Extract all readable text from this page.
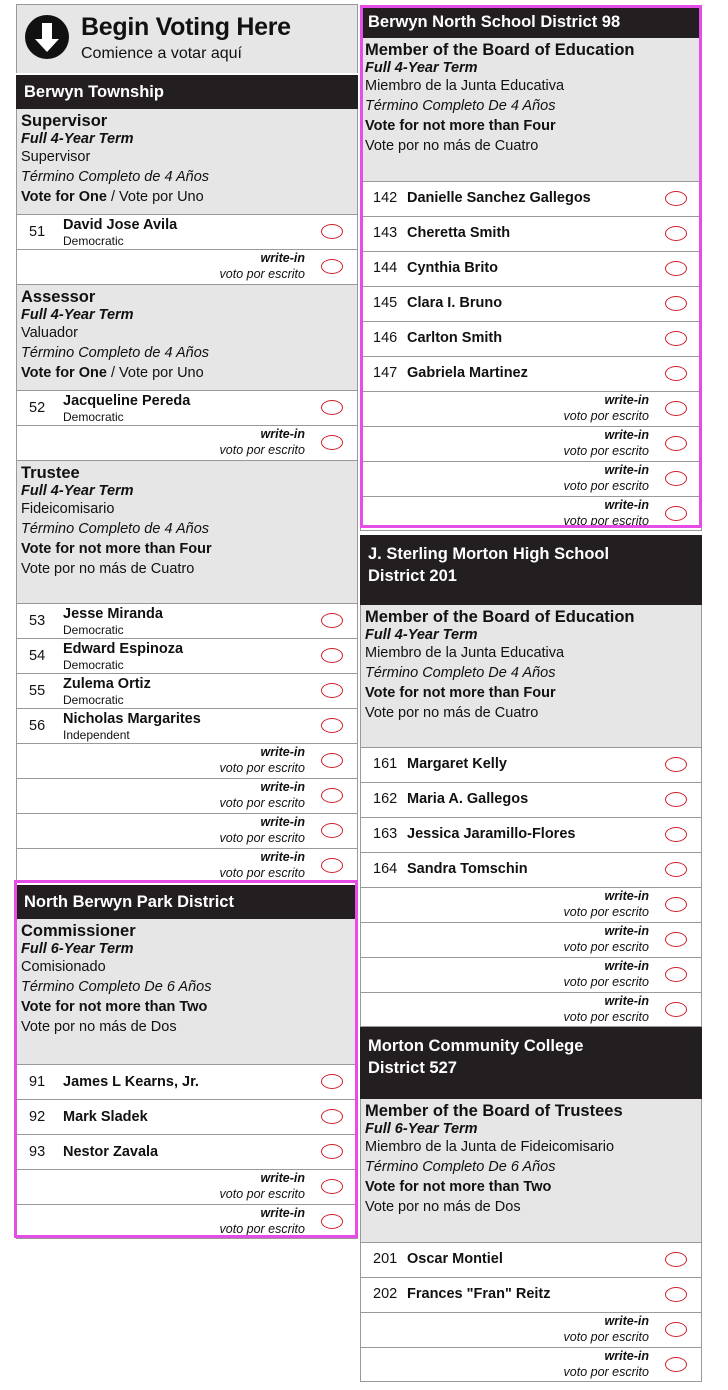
Begin Voting Here
Comience a votar aquí
Berwyn Township
Supervisor
Full 4-Year Term
Supervisor
Término Completo de 4 Años
Vote for One / Vote por Uno
51 David Jose Avila
Democratic
write-in
voto por escrito
Assessor
Full 4-Year Term
Valuador
Término Completo de 4 Años
Vote for One / Vote por Uno
52 Jacqueline Pereda
Democratic
write-in
voto por escrito
Trustee
Full 4-Year Term
Fideicomisario
Término Completo de 4 Años
Vote for not more than Four
Vote por no más de Cuatro
53 Jesse Miranda
Democratic
54 Edward Espinoza
Democratic
55 Zulema Ortiz
Democratic
56 Nicholas Margarites
Independent
write-in
voto por escrito
write-in
voto por escrito
write-in
voto por escrito
write-in
voto por escrito
North Berwyn Park District
Commissioner
Full 6-Year Term
Comisionado
Término Completo De 6 Años
Vote for not more than Two
Vote por no más de Dos
91 James L Kearns, Jr.
92 Mark Sladek
93 Nestor Zavala
write-in
voto por escrito
write-in
voto por escrito
Berwyn North School District 98
Member of the Board of Education
Full 4-Year Term
Miembro de la Junta Educativa
Término Completo De 4 Años
Vote for not more than Four
Vote por no más de Cuatro
142 Danielle Sanchez Gallegos
143 Cheretta Smith
144 Cynthia Brito
145 Clara I. Bruno
146 Carlton Smith
147 Gabriela Martinez
write-in
voto por escrito
write-in
voto por escrito
write-in
voto por escrito
write-in
voto por escrito
J. Sterling Morton High School
District 201
Member of the Board of Education
Full 4-Year Term
Miembro de la Junta Educativa
Término Completo De 4 Años
Vote for not more than Four
Vote por no más de Cuatro
161 Margaret Kelly
162 Maria A. Gallegos
163 Jessica Jaramillo-Flores
164 Sandra Tomschin
write-in
voto por escrito
write-in
voto por escrito
write-in
voto por escrito
write-in
voto por escrito
Morton Community College
District 527
Member of the Board of Trustees
Full 6-Year Term
Miembro de la Junta de Fideicomisario
Término Completo De 6 Años
Vote for not more than Two
Vote por no más de Dos
201 Oscar Montiel
202 Frances "Fran" Reitz
write-in
voto por escrito
write-in
voto por escrito
